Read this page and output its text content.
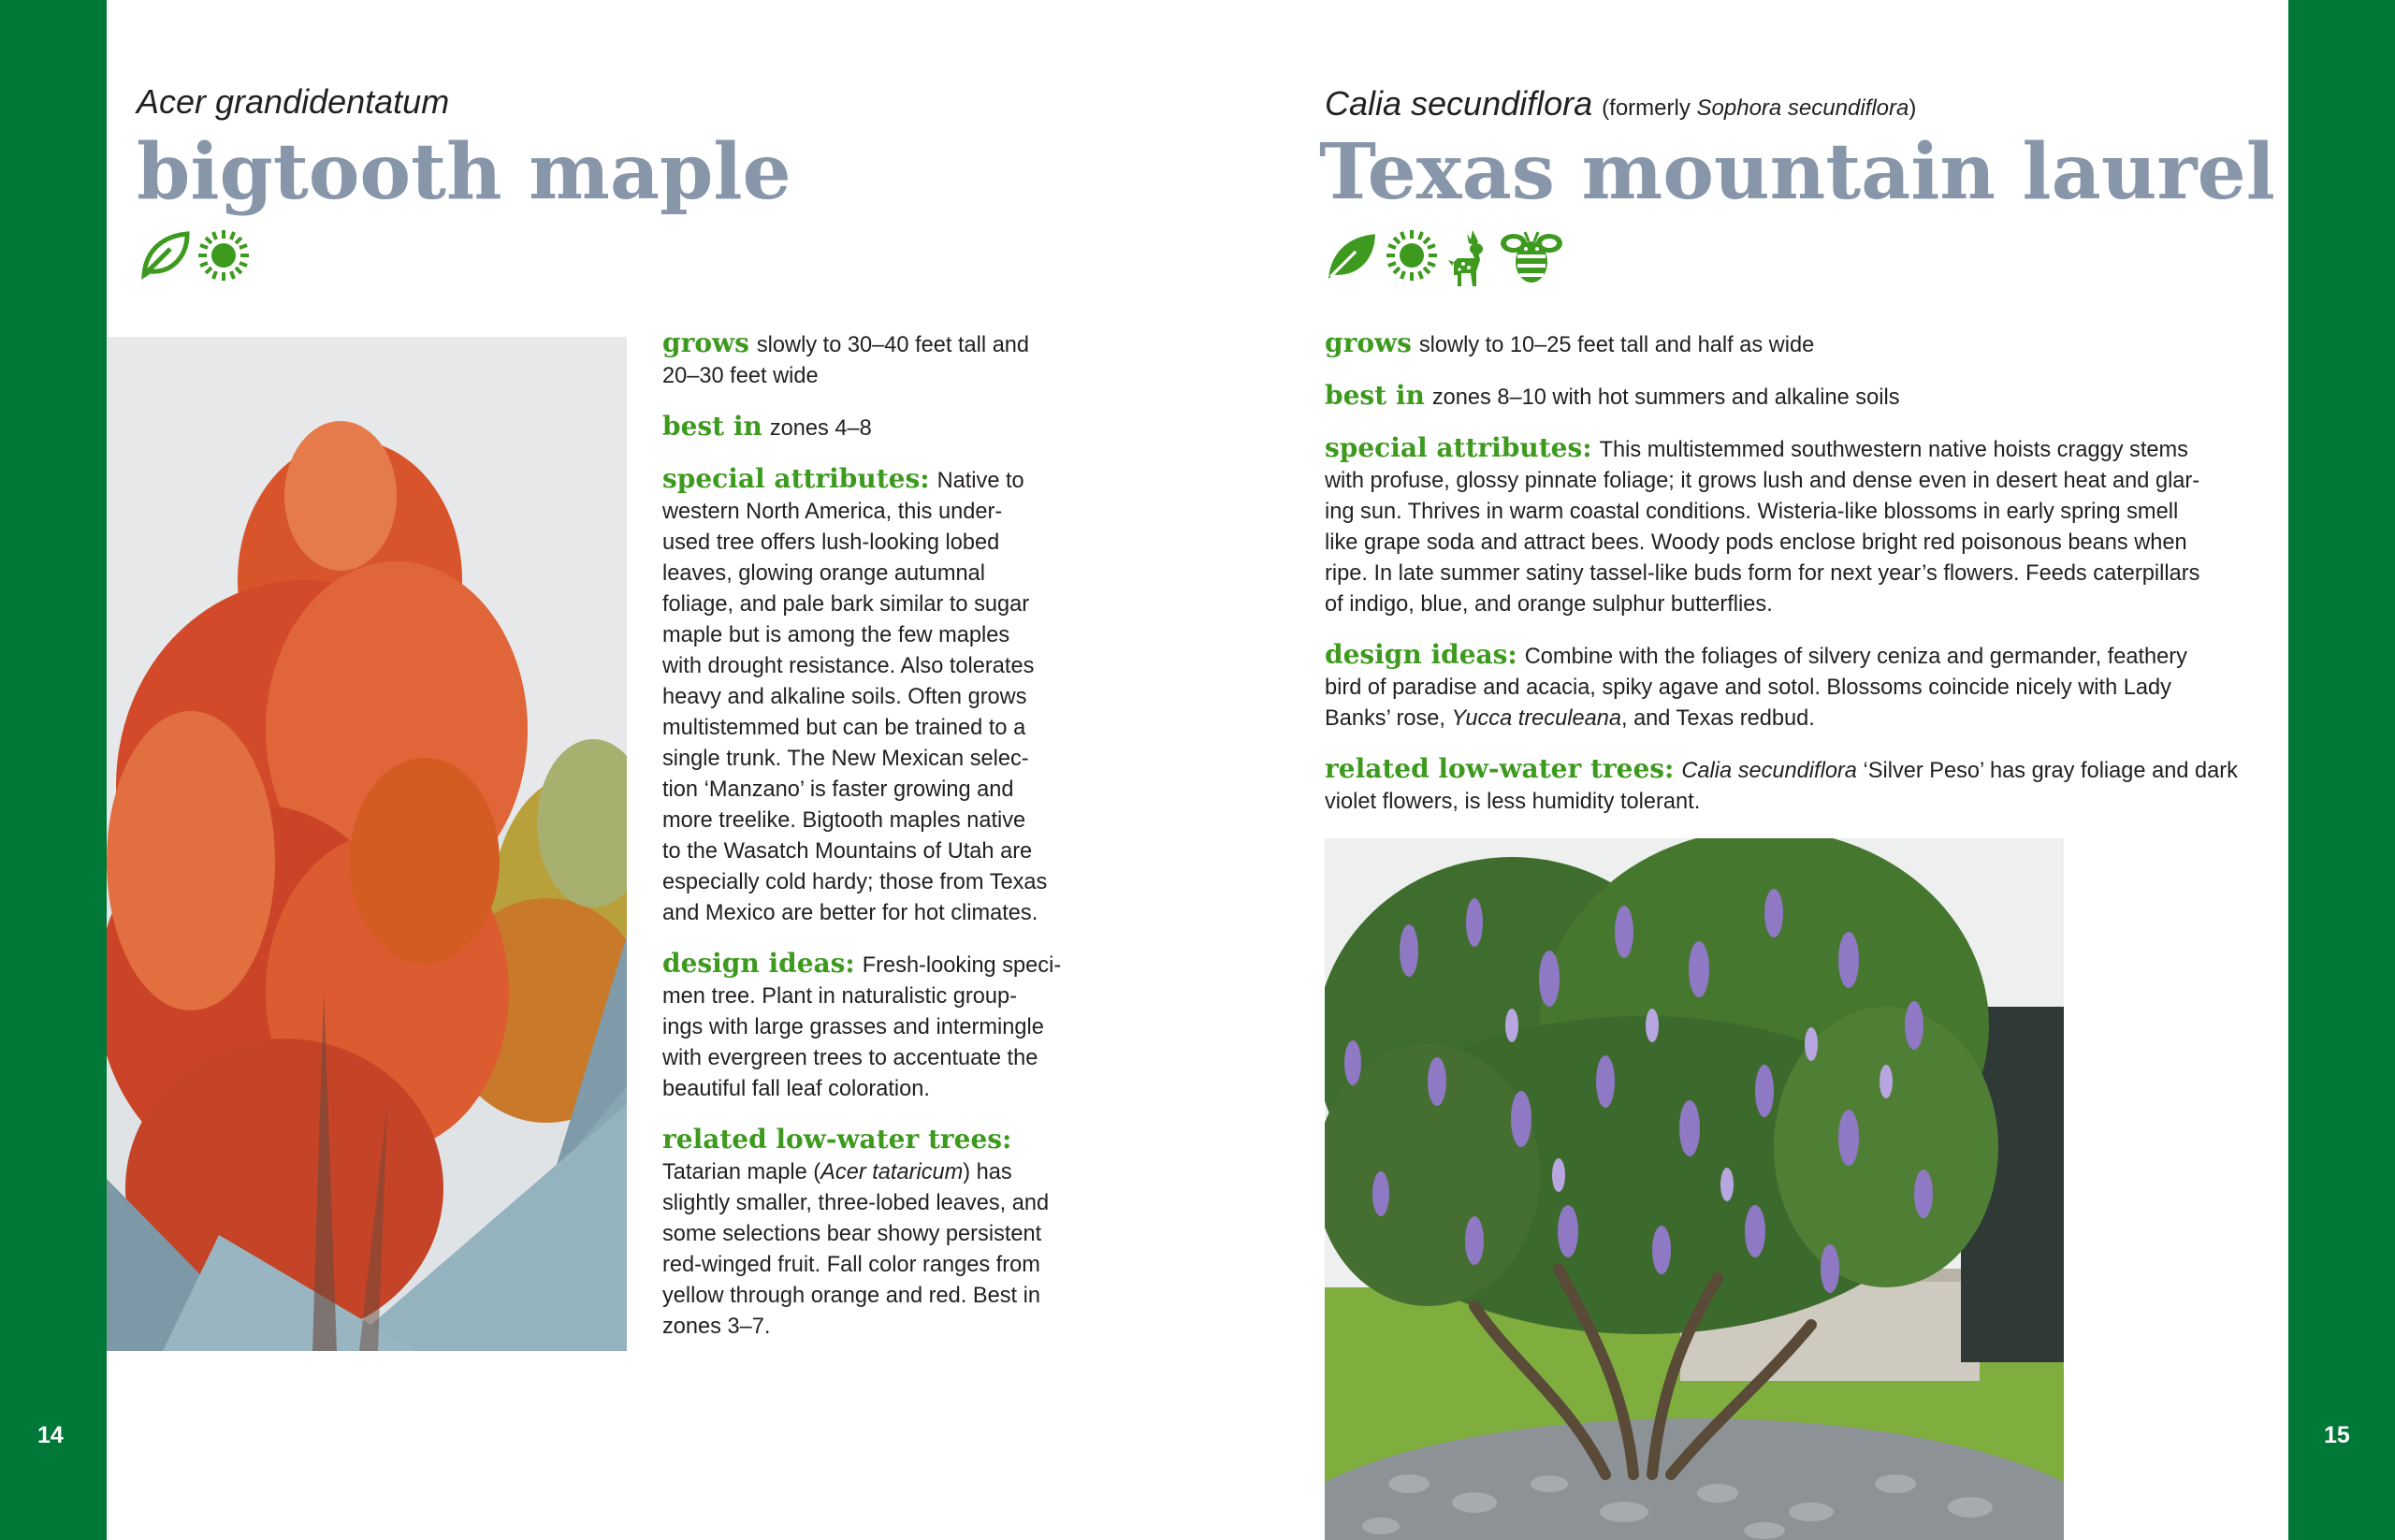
14	15
Acer grandidentatum
bigtooth maple

grows slowly to 30–40 feet tall and
20–30 feet wide

best in zones 4–8

special attributes: Native to
western North America, this under-
used tree offers lush-looking lobed
leaves, glowing orange autumnal
foliage, and pale bark similar to sugar
maple but is among the few maples
with drought resistance. Also tolerates
heavy and alkaline soils. Often grows
multistemmed but can be trained to a
single trunk. The New Mexican selec-
tion ‘Manzano’ is faster growing and
more treelike. Bigtooth maples native
to the Wasatch Mountains of Utah are
especially cold hardy; those from Texas
and Mexico are better for hot climates.

design ideas: Fresh-looking speci-
men tree. Plant in naturalistic group-
ings with large grasses and intermingle
with evergreen trees to accentuate the
beautiful fall leaf coloration.

related low-water trees:
Tatarian maple (Acer tataricum) has
slightly smaller, three-lobed leaves, and
some selections bear showy persistent
red-winged fruit. Fall color ranges from
yellow through orange and red. Best in
zones 3–7.

Calia secundiflora (formerly Sophora secundiflora)
Texas mountain laurel

grows slowly to 10–25 feet tall and half as wide

best in zones 8–10 with hot summers and alkaline soils

special attributes: This multistemmed southwestern native hoists craggy stems
with profuse, glossy pinnate foliage; it grows lush and dense even in desert heat and glar-
ing sun. Thrives in warm coastal conditions. Wisteria-like blossoms in early spring smell
like grape soda and attract bees. Woody pods enclose bright red poisonous beans when
ripe. In late summer satiny tassel-like buds form for next year’s flowers. Feeds caterpillars
of indigo, blue, and orange sulphur butterflies.

design ideas: Combine with the foliages of silvery ceniza and germander, feathery
bird of paradise and acacia, spiky agave and sotol. Blossoms coincide nicely with Lady
Banks’ rose, Yucca treculeana, and Texas redbud.

related low-water trees: Calia secundiflora ‘Silver Peso’ has gray foliage and dark
violet flowers, is less humidity tolerant.
